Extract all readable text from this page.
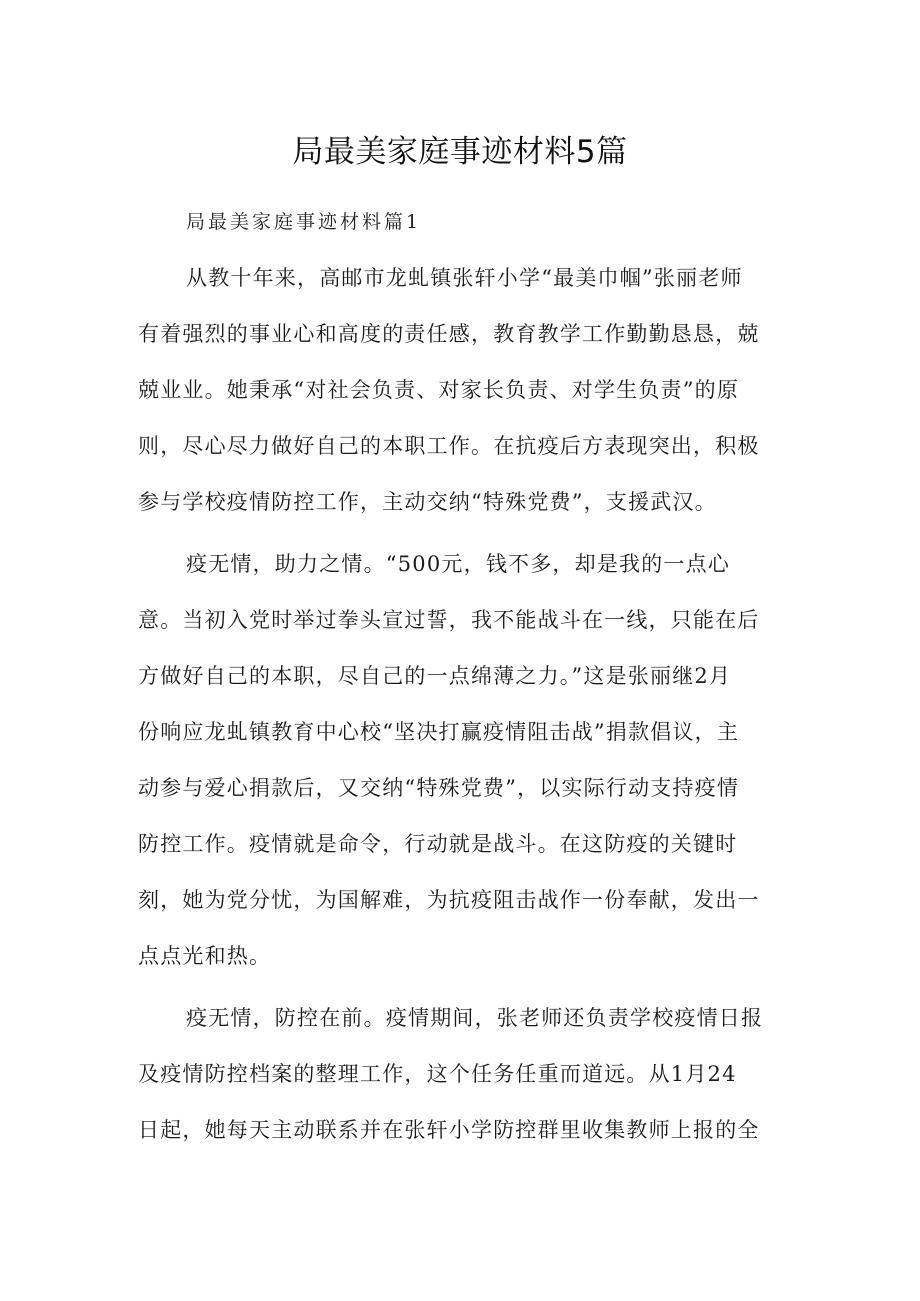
局最美家庭事迹材料5篇
局最美家庭事迹材料篇1
从教十年来，高邮市龙虬镇张轩小学“最美巾帼”张丽老师
有着强烈的事业心和高度的责任感，教育教学工作勤勤恳恳，兢
兢业业。她秉承“对社会负责、对家长负责、对学生负责”的原
则，尽心尽力做好自己的本职工作。在抗疫后方表现突出，积极
参与学校疫情防控工作，主动交纳“特殊党费”，支援武汉。
疫无情，助力之情。“500元，钱不多，却是我的一点心
意。当初入党时举过拳头宣过誓，我不能战斗在一线，只能在后
方做好自己的本职，尽自己的一点绵薄之力。”这是张丽继2月
份响应龙虬镇教育中心校“坚决打赢疫情阻击战”捐款倡议，主
动参与爱心捐款后，又交纳“特殊党费”，以实际行动支持疫情
防控工作。疫情就是命令，行动就是战斗。在这防疫的关键时
刻，她为党分忧，为国解难，为抗疫阻击战作一份奉献，发出一
点点光和热。
疫无情，防控在前。疫情期间，张老师还负责学校疫情日报
及疫情防控档案的整理工作，这个任务任重而道远。从1月24
日起，她每天主动联系并在张轩小学防控群里收集教师上报的全
